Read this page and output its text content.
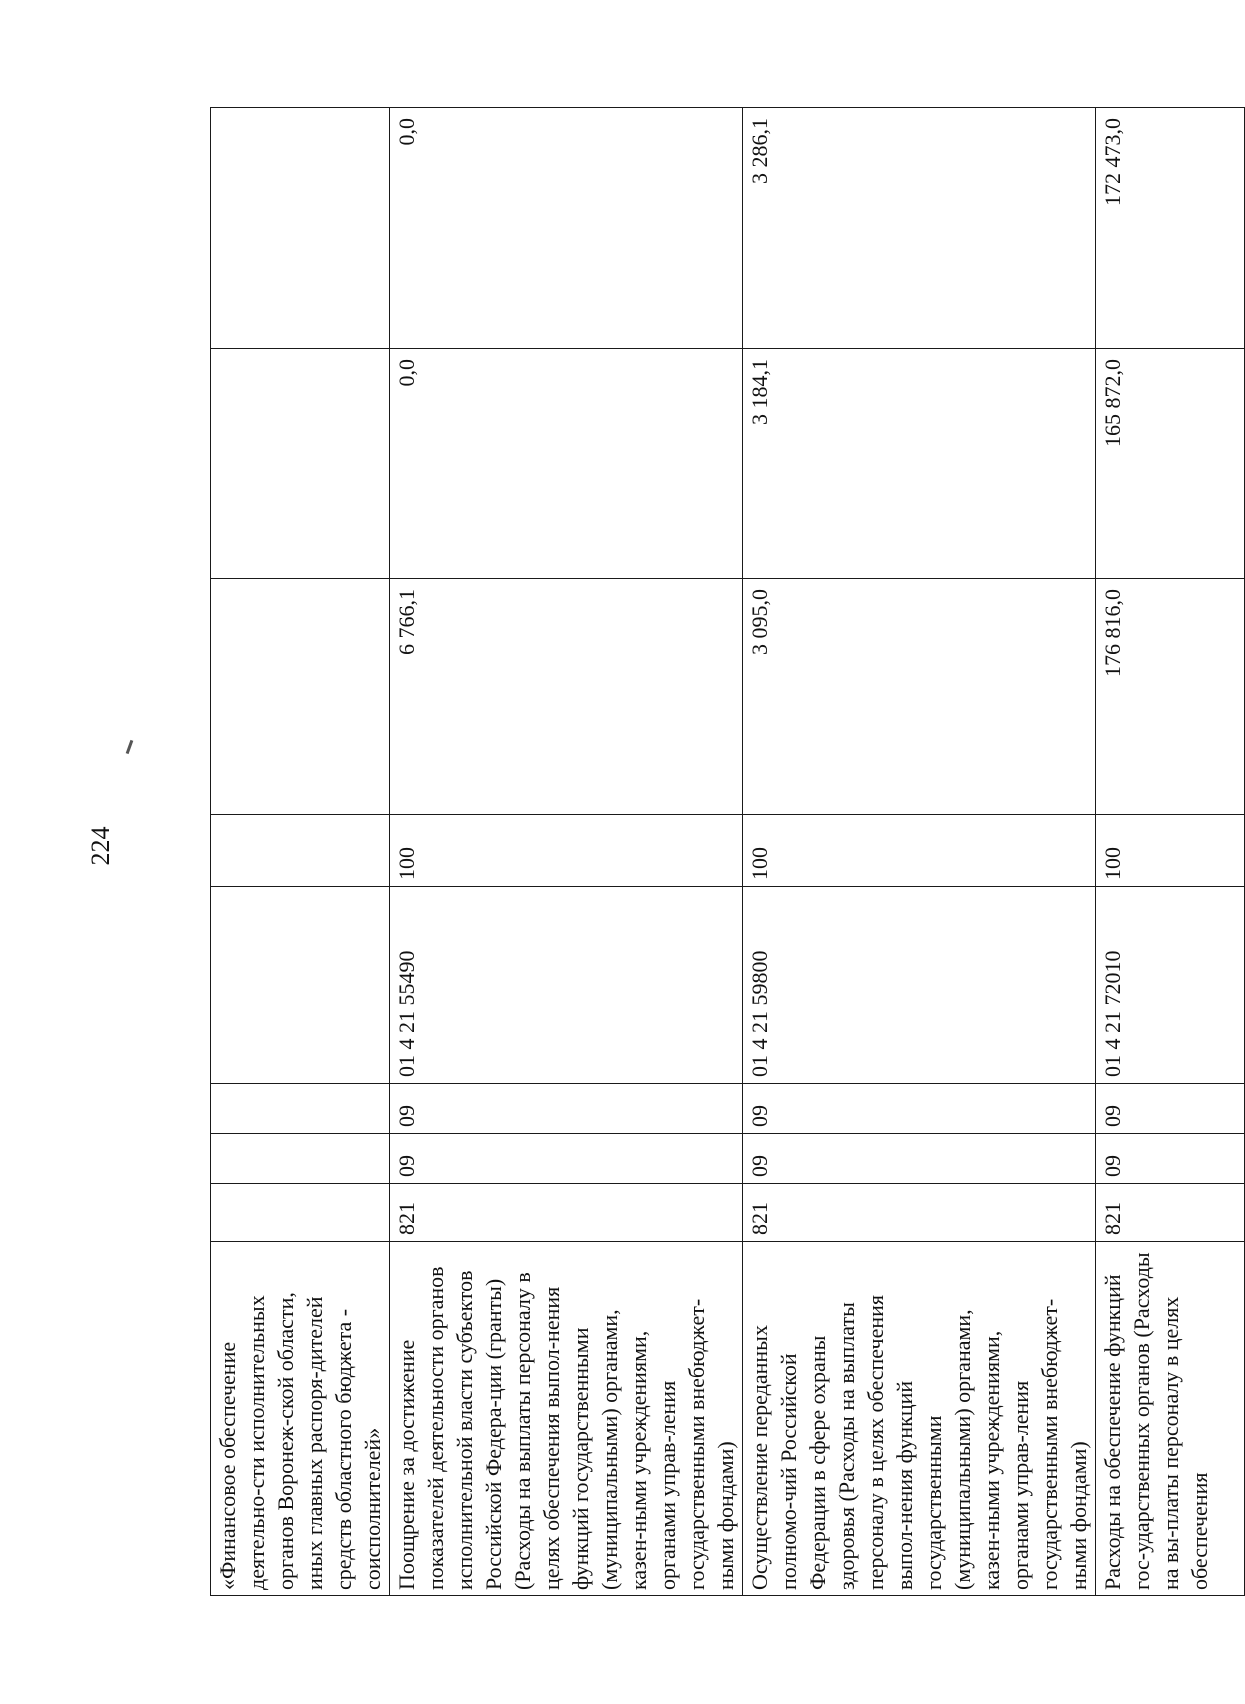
224
«Финансовое обеспечение деятельно-сти исполнительных органов Воронеж-ской области, иных главных распоря-дителей средств областного бюджета - соисполнителей»								
Поощрение за достижение показателей деятельности органов исполнительной власти субъектов Российской Федера-ции (гранты) (Расходы на выплаты персоналу в целях обеспечения выпол-нения функций государственными (муниципальными) органами, казен-ными учреждениями, органами управ-ления государственными внебюджет-ными фондами)	821	09	09	01 4 21 55490	100	6 766,1	0,0	0,0
Осуществление переданных полномо-чий Российской Федерации в сфере охраны здоровья (Расходы на выплаты персоналу в целях обеспечения выпол-нения функций государственными (муниципальными) органами, казен-ными учреждениями, органами управ-ления государственными внебюджет-ными фондами)	821	09	09	01 4 21 59800	100	3 095,0	3 184,1	3 286,1
Расходы на обеспечение функций гос-ударственных органов (Расходы на вы-платы персоналу в целях обеспечения	821	09	09	01 4 21 72010	100	176 816,0	165 872,0	172 473,0
